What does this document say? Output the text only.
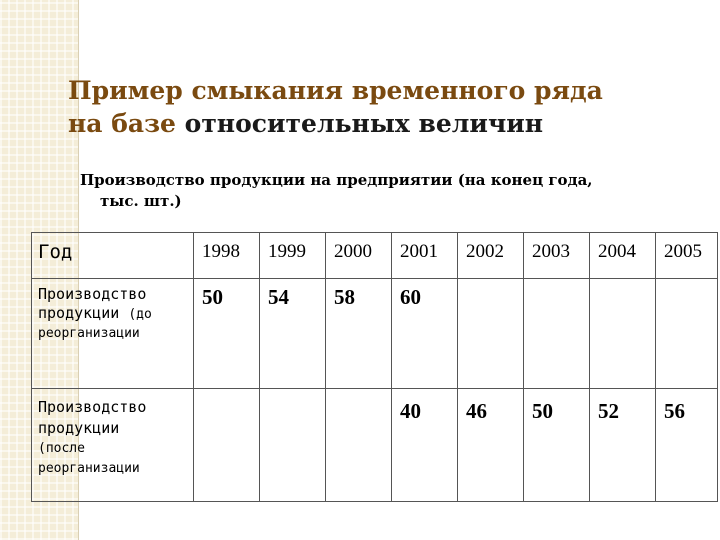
Пример смыкания временного ряда
на базе относительных величин
Производство продукции на предприятии (на конец года,
тыс. шт.)
Год	1998	1999	2000	2001	2002	2003	2004	2005

Производство продукции (до
реорганизации	50	54	58	60				

Производство продукции
(после
реорганизации				40	46	50	52	56
